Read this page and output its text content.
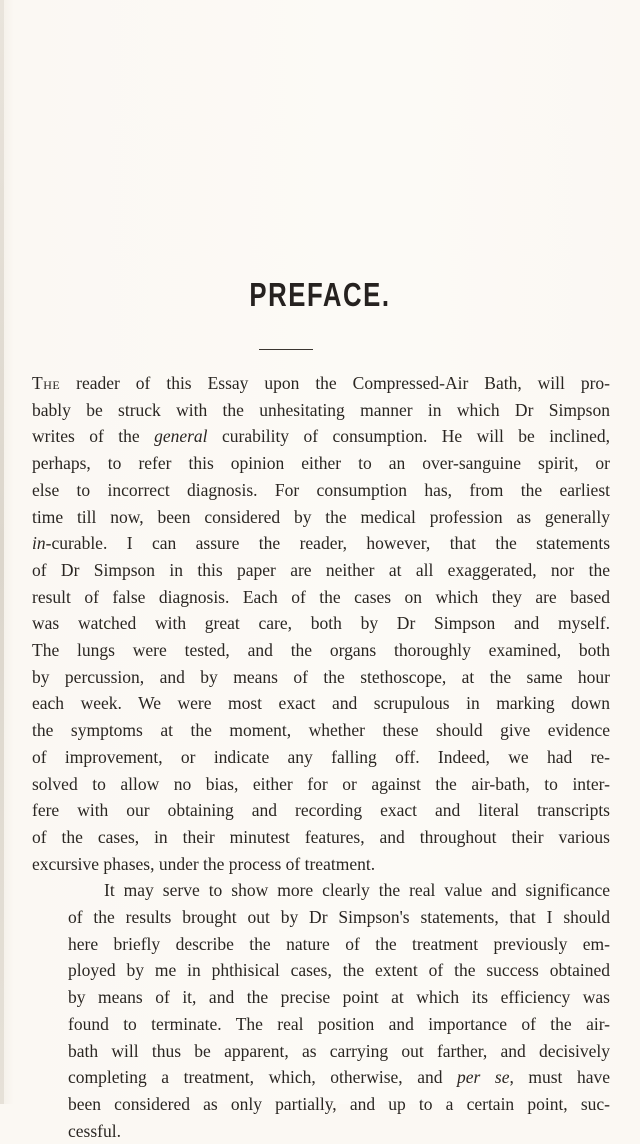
PREFACE.
The reader of this Essay upon the Compressed-Air Bath, will pro-
bably be struck with the unhesitating manner in which Dr Simpson
writes of the general curability of consumption. He will be inclined,
perhaps, to refer this opinion either to an over-sanguine spirit, or
else to incorrect diagnosis. For consumption has, from the earliest
time till now, been considered by the medical profession as generally
in-curable. I can assure the reader, however, that the statements
of Dr Simpson in this paper are neither at all exaggerated, nor the
result of false diagnosis. Each of the cases on which they are based
was watched with great care, both by Dr Simpson and myself.
The lungs were tested, and the organs thoroughly examined, both
by percussion, and by means of the stethoscope, at the same hour
each week. We were most exact and scrupulous in marking down
the symptoms at the moment, whether these should give evidence
of improvement, or indicate any falling off. Indeed, we had re-
solved to allow no bias, either for or against the air-bath, to inter-
fere with our obtaining and recording exact and literal transcripts
of the cases, in their minutest features, and throughout their various
excursive phases, under the process of treatment.
It may serve to show more clearly the real value and significance
of the results brought out by Dr Simpson's statements, that I should
here briefly describe the nature of the treatment previously em-
ployed by me in phthisical cases, the extent of the success obtained
by means of it, and the precise point at which its efficiency was
found to terminate. The real position and importance of the air-
bath will thus be apparent, as carrying out farther, and decisively
completing a treatment, which, otherwise, and per se, must have
been considered as only partially, and up to a certain point, suc-
cessful.
